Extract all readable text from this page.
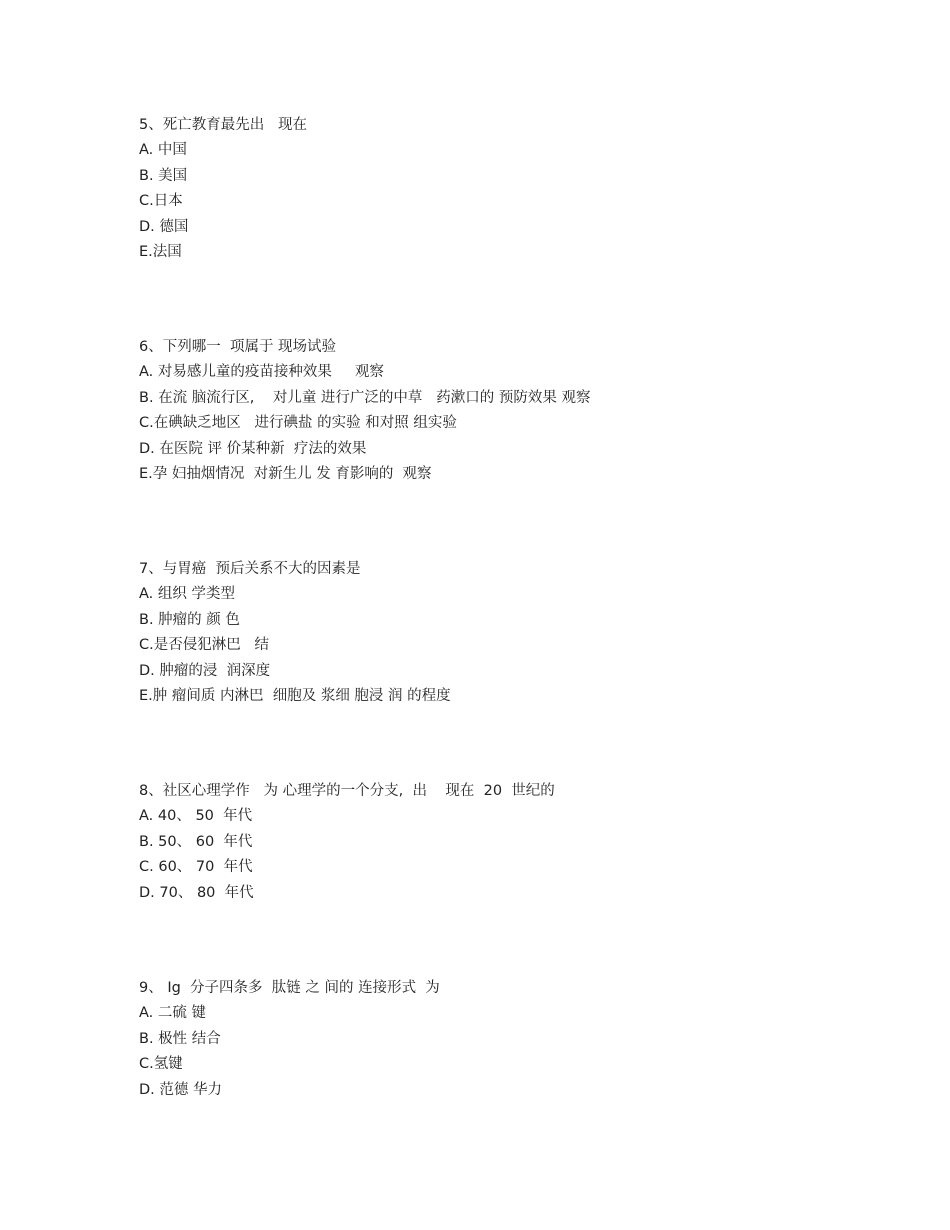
5、死亡教育最先出   现在
A. 中国
B. 美国
C.日本
D. 德国
E.法国
6、下列哪一  项属于 现场试验
A. 对易感儿童的疫苗接种效果     观察
B. 在流 脑流行区,    对儿童 进行广泛的中草   药漱口的 预防效果 观察
C.在碘缺乏地区   进行碘盐 的实验 和对照 组实验
D. 在医院 评 价某种新  疗法的效果
E.孕 妇抽烟情况  对新生儿 发 育影响的  观察
7、与胃癌  预后关系不大的因素是
A. 组织 学类型
B. 肿瘤的 颜 色
C.是否侵犯淋巴   结
D. 肿瘤的浸  润深度
E.肿 瘤间质 内淋巴  细胞及 浆细 胞浸 润 的程度
8、社区心理学作   为 心理学的一个分支,  出    现在  20  世纪的
A. 40、 50  年代
B. 50、 60  年代
C. 60、 70  年代
D. 70、 80  年代
9、 Ig  分子四条多  肽链 之 间的 连接形式  为
A. 二硫 键
B. 极性 结合
C.氢键
D. 范德 华力
